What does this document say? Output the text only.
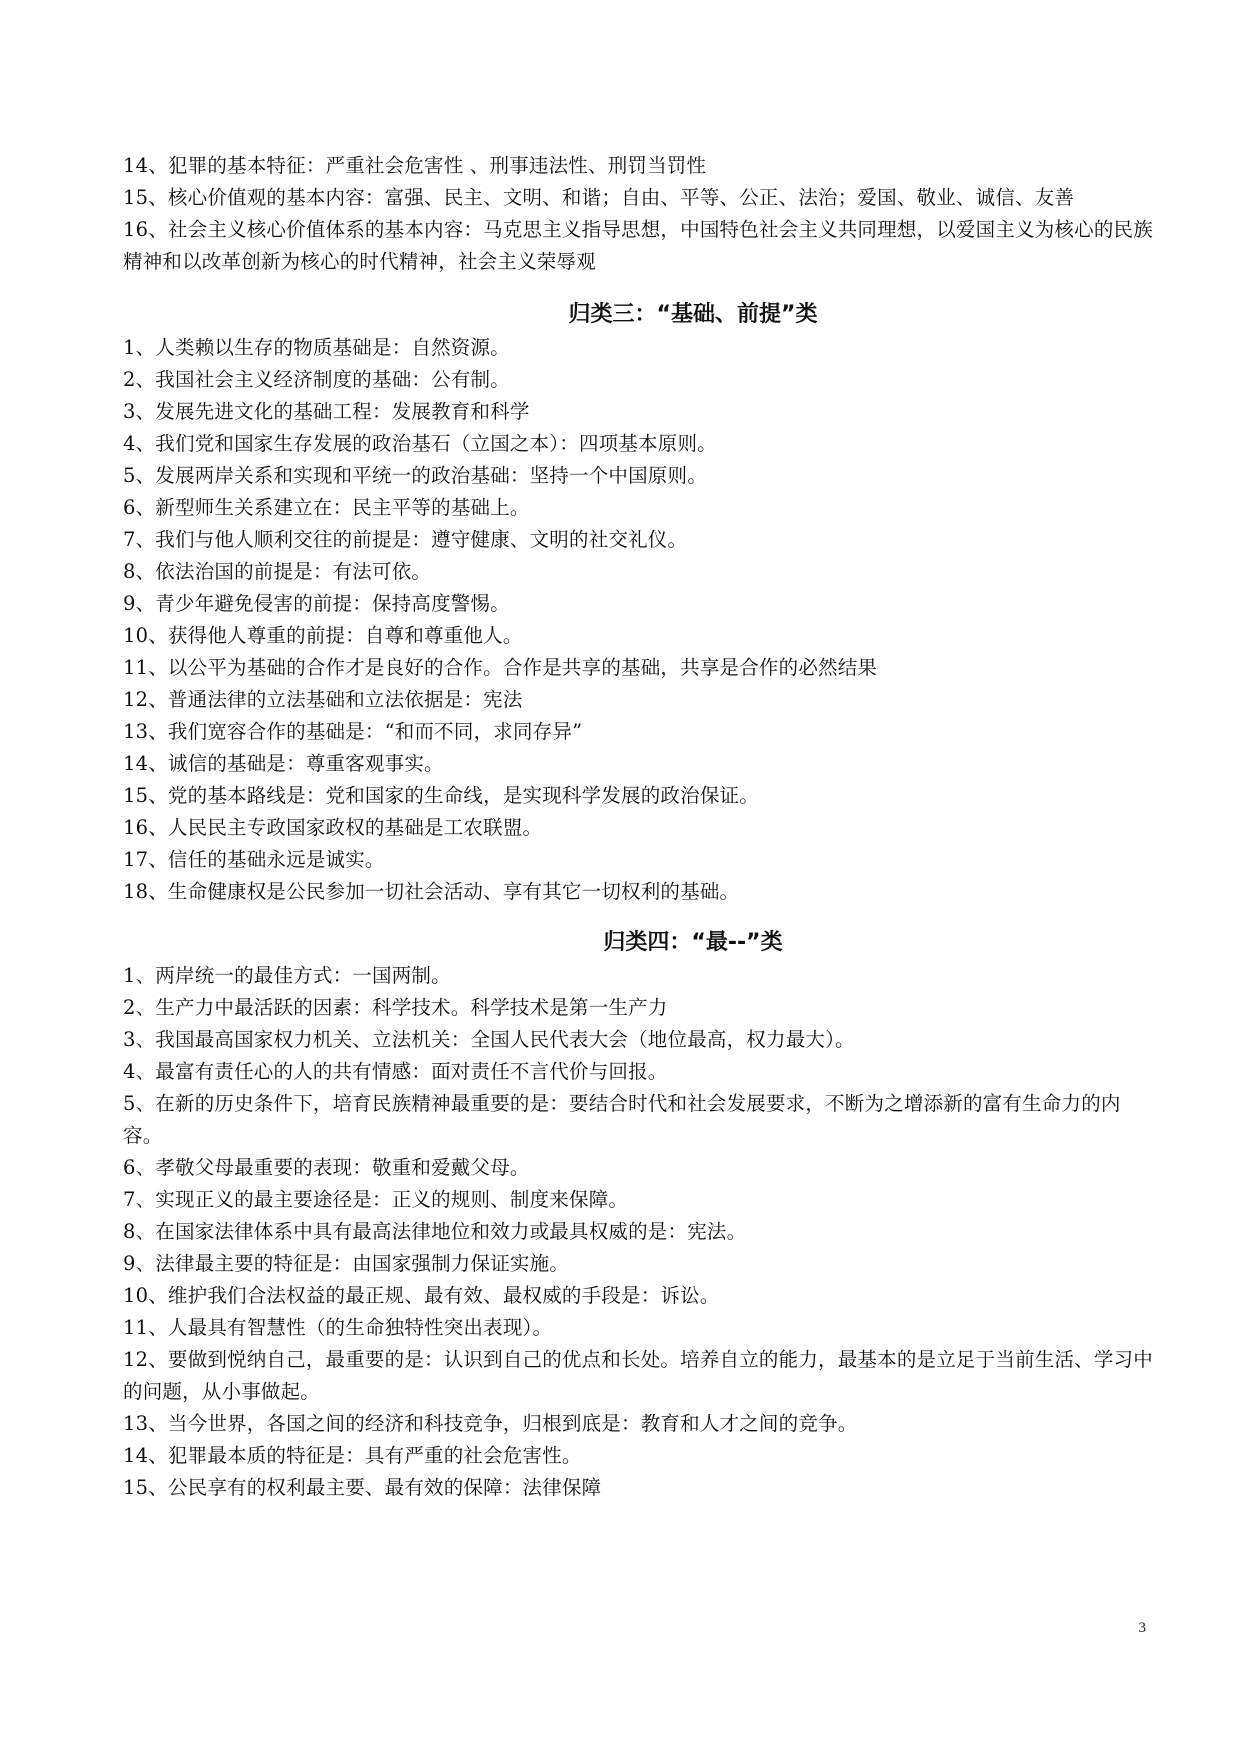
14、犯罪的基本特征：严重社会危害性 、刑事违法性、刑罚当罚性

15、核心价值观的基本内容：富强、民主、文明、和谐；自由、平等、公正、法治；爱国、敬业、诚信、友善

16、社会主义核心价值体系的基本内容：马克思主义指导思想，中国特色社会主义共同理想，以爱国主义为核心的民族精神和以改革创新为核心的时代精神，社会主义荣辱观

归类三：“基础、前提”类

1、人类赖以生存的物质基础是：自然资源。

2、我国社会主义经济制度的基础：公有制。

3、发展先进文化的基础工程：发展教育和科学

4、我们党和国家生存发展的政治基石（立国之本）：四项基本原则。

5、发展两岸关系和实现和平统一的政治基础：坚持一个中国原则。

6、新型师生关系建立在：民主平等的基础上。

7、我们与他人顺利交往的前提是：遵守健康、文明的社交礼仪。

8、依法治国的前提是：有法可依。

9、青少年避免侵害的前提：保持高度警惕。

10、获得他人尊重的前提：自尊和尊重他人。

11、以公平为基础的合作才是良好的合作。合作是共享的基础，共享是合作的必然结果

12、普通法律的立法基础和立法依据是：宪法

13、我们宽容合作的基础是：“和而不同，求同存异”

14、诚信的基础是：尊重客观事实。

15、党的基本路线是：党和国家的生命线，是实现科学发展的政治保证。

16、人民民主专政国家政权的基础是工农联盟。

17、信任的基础永远是诚实。

18、生命健康权是公民参加一切社会活动、享有其它一切权利的基础。

归类四：“最--”类

1、两岸统一的最佳方式：一国两制。

2、生产力中最活跃的因素：科学技术。科学技术是第一生产力

3、我国最高国家权力机关、立法机关：全国人民代表大会（地位最高，权力最大）。

4、最富有责任心的人的共有情感：面对责任不言代价与回报。

5、在新的历史条件下，培育民族精神最重要的是：要结合时代和社会发展要求，不断为之增添新的富有生命力的内容。

6、孝敬父母最重要的表现：敬重和爱戴父母。

7、实现正义的最主要途径是：正义的规则、制度来保障。

8、在国家法律体系中具有最高法律地位和效力或最具权威的是：宪法。

9、法律最主要的特征是：由国家强制力保证实施。

10、维护我们合法权益的最正规、最有效、最权威的手段是：诉讼。

11、人最具有智慧性（的生命独特性突出表现）。

12、要做到悦纳自己，最重要的是：认识到自己的优点和长处。培养自立的能力，最基本的是立足于当前生活、学习中的问题，从小事做起。

13、当今世界，各国之间的经济和科技竞争，归根到底是：教育和人才之间的竞争。

14、犯罪最本质的特征是：具有严重的社会危害性。

15、公民享有的权利最主要、最有效的保障：法律保障

3
